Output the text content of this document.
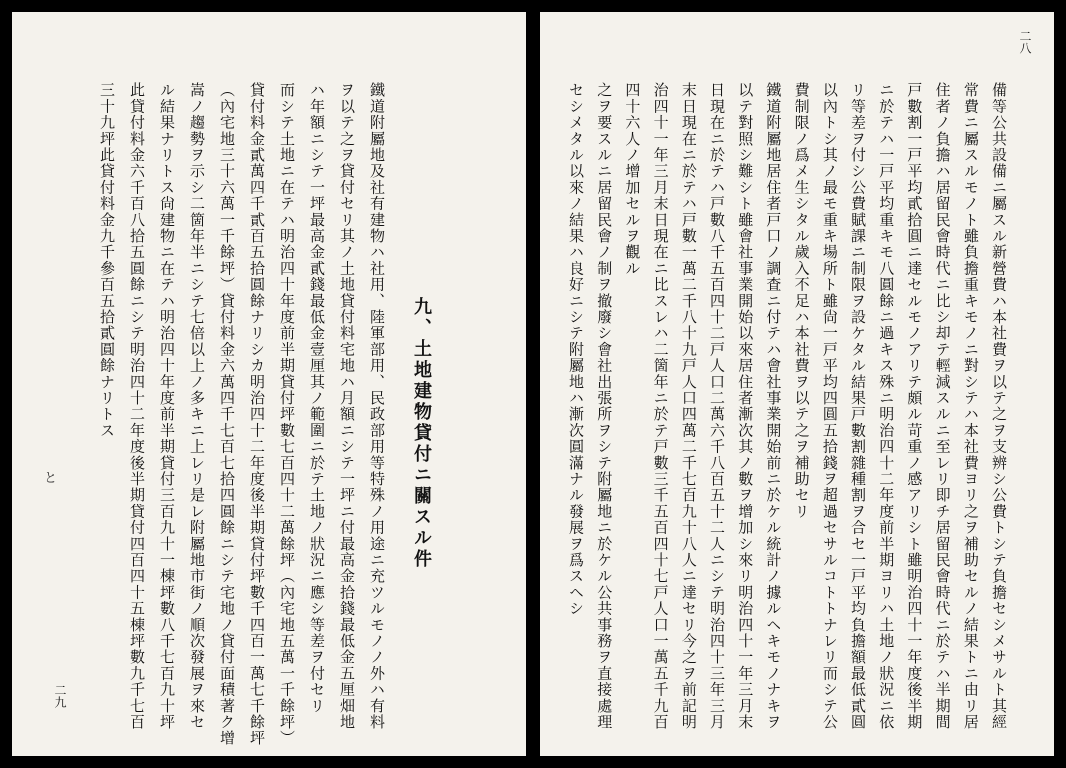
二八
備等公共設備ニ屬スル新營費ハ本社費ヲ以テ之ヲ支辨シ公費トシテ負擔セシメサルト其經
常費ニ屬スルモノト雖負擔重キモノニ對シテハ本社費ヨリ之ヲ補助セルノ結果トニ由リ居
住者ノ負擔ハ居留民會時代ニ比シ却テ輕減スルニ至レリ即チ居留民會時代ニ於テハ半期間
戸數割一戸平均貳拾圓ニ達セルモノアリテ頗ル苛重ノ感アリシト雖明治四十一年度後半期
ニ於テハ一戸平均重キモ八圓餘ニ過キス殊ニ明治四十二年度前半期ヨリハ土地ノ狀況ニ依
リ等差ヲ付シ公費賦課ニ制限ヲ設ケタル結果戸數割雜種割ヲ合セ一戸平均負擔額最低貳圓
以內トシ其ノ最モ重キ場所ト雖尙一戸平均四圓五拾錢ヲ超過セサルコトトナレリ而シテ公
費制限ノ爲メ生シタル歲入不足ハ本社費ヲ以テ之ヲ補助セリ
鐵道附屬地居住者戸口ノ調査ニ付テハ會社事業開始前ニ於ケル統計ノ據ルヘキモノナキヲ
以テ對照シ難シト雖會社事業開始以來居住者漸次其ノ數ヲ增加シ來リ明治四十一年三月末
日現在ニ於テハ戸數八千五百四十二戸人口二萬六千八百五十二人ニシテ明治四十三年三月
末日現在ニ於テハ戸數一萬二千八十九戸人口四萬二千七百九十八人ニ達セリ今之ヲ前記明
治四十一年三月末日現在ニ比スレハ二箇年ニ於テ戸數三千五百四十七戸人口一萬五千九百
四十六人ノ增加セルヲ觀ル
之ヲ要スルニ居留民會ノ制ヲ撤廢シ會社出張所ヲシテ附屬地ニ於ケル公共事務ヲ直接處理
セシメタル以來ノ結果ハ良好ニシテ附屬地ハ漸次圓滿ナル發展ヲ爲スヘシ
と
二九
九、土地建物貸付ニ關スル件
鐵道附屬地及社有建物ハ社用、陸軍部用、民政部用等特殊ノ用途ニ充ツルモノノ外ハ有料
ヲ以テ之ヲ貸付セリ其ノ土地貸付料宅地ハ月額ニシテ一坪ニ付最高金拾錢最低金五厘畑地
ハ年額ニシテ一坪最高金貳錢最低金壹厘其ノ範圍ニ於テ土地ノ狀況ニ應シ等差ヲ付セリ
而シテ土地ニ在テハ明治四十年度前半期貸付坪數七百四十二萬餘坪（內宅地五萬一千餘坪）
貸付料金貳萬四千貳百五拾圓餘ナリシカ明治四十二年度後半期貸付坪數千四百一萬七千餘坪
（內宅地三十六萬一千餘坪）貸付料金六萬四千七百七拾四圓餘ニシテ宅地ノ貸付面積著ク增
嵩ノ趨勢ヲ示シ二箇年半ニシテ七倍以上ノ多キニ上レリ是レ附屬地市街ノ順次發展ヲ來セ
ル結果ナリトス尙建物ニ在テハ明治四十年度前半期貸付三百九十一棟坪數八千七百九十坪
此貸付料金六千百八拾五圓餘ニシテ明治四十二年度後半期貸付四百四十五棟坪數九千七百
三十九坪此貸付料金九千參百五拾貳圓餘ナリトス
